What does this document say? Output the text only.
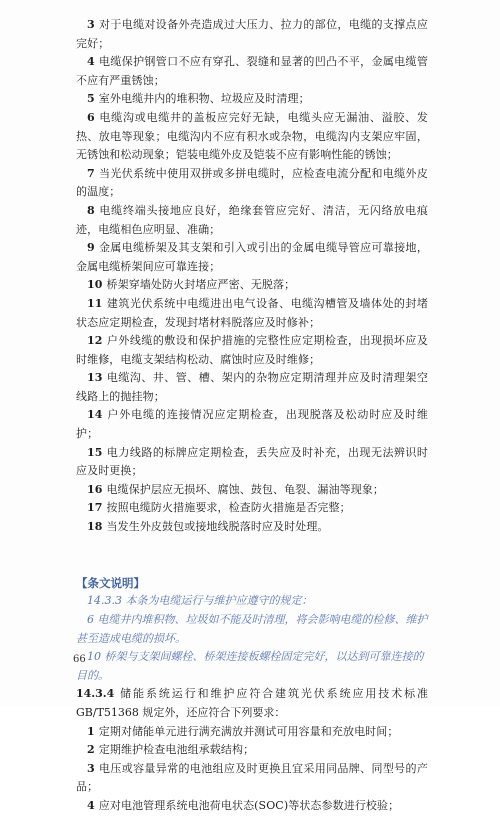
3 对于电缆对设备外壳造成过大压力、拉力的部位，电缆的支撑点应完好；

4 电缆保护钢管口不应有穿孔、裂缝和显著的凹凸不平，金属电缆管不应有严重锈蚀；

5 室外电缆井内的堆积物、垃圾应及时清理；

6 电缆沟或电缆井的盖板应完好无缺，电缆头应无漏油、溢胶、发热、放电等现象；电缆沟内不应有积水或杂物，电缆沟内支架应牢固，无锈蚀和松动现象；铠装电缆外皮及铠装不应有影响性能的锈蚀；

7 当光伏系统中使用双拼或多拼电缆时，应检查电流分配和电缆外皮的温度；

8 电缆终端头接地应良好，绝缘套管应完好、清洁，无闪络放电痕迹，电缆相色应明显、准确；

9 金属电缆桥架及其支架和引入或引出的金属电缆导管应可靠接地，金属电缆桥架间应可靠连接；

10 桥架穿墙处防火封堵应严密、无脱落；

11 建筑光伏系统中电缆进出电气设备、电缆沟槽管及墙体处的封堵状态应定期检查，发现封堵材料脱落应及时修补；

12 户外线缆的敷设和保护措施的完整性应定期检查，出现损坏应及时维修，电缆支架结构松动、腐蚀时应及时维修；

13 电缆沟、井、管、槽、架内的杂物应定期清理并应及时清理架空线路上的抛挂物；

14 户外电缆的连接情况应定期检查，出现脱落及松动时应及时维护；

15 电力线路的标牌应定期检查，丢失应及时补充，出现无法辨识时应及时更换；

16 电缆保护层应无损坏、腐蚀、鼓包、龟裂、漏油等现象；

17 按照电缆防火措施要求，检查防火措施是否完整；

18 当发生外皮鼓包或接地线脱落时应及时处理。

【条文说明】

14.3.3 本条为电缆运行与维护应遵守的规定：

6 电缆井内堆积物、垃圾如不能及时清理，将会影响电缆的检修、维护甚至造成电缆的损坏。

10 桥架与支架间螺栓、桥架连接板螺栓固定完好，以达到可靠连接的目的。

14.3.4 储能系统运行和维护应符合建筑光伏系统应用技术标准 GB/T51368 规定外，还应符合下列要求：

1 定期对储能单元进行满充满放并测试可用容量和充放电时间；

2 定期维护检查电池组承载结构；

3 电压或容量异常的电池组应及时更换且宜采用同品牌、同型号的产品；

4 应对电池管理系统电池荷电状态(SOC)等状态参数进行校验；

66
